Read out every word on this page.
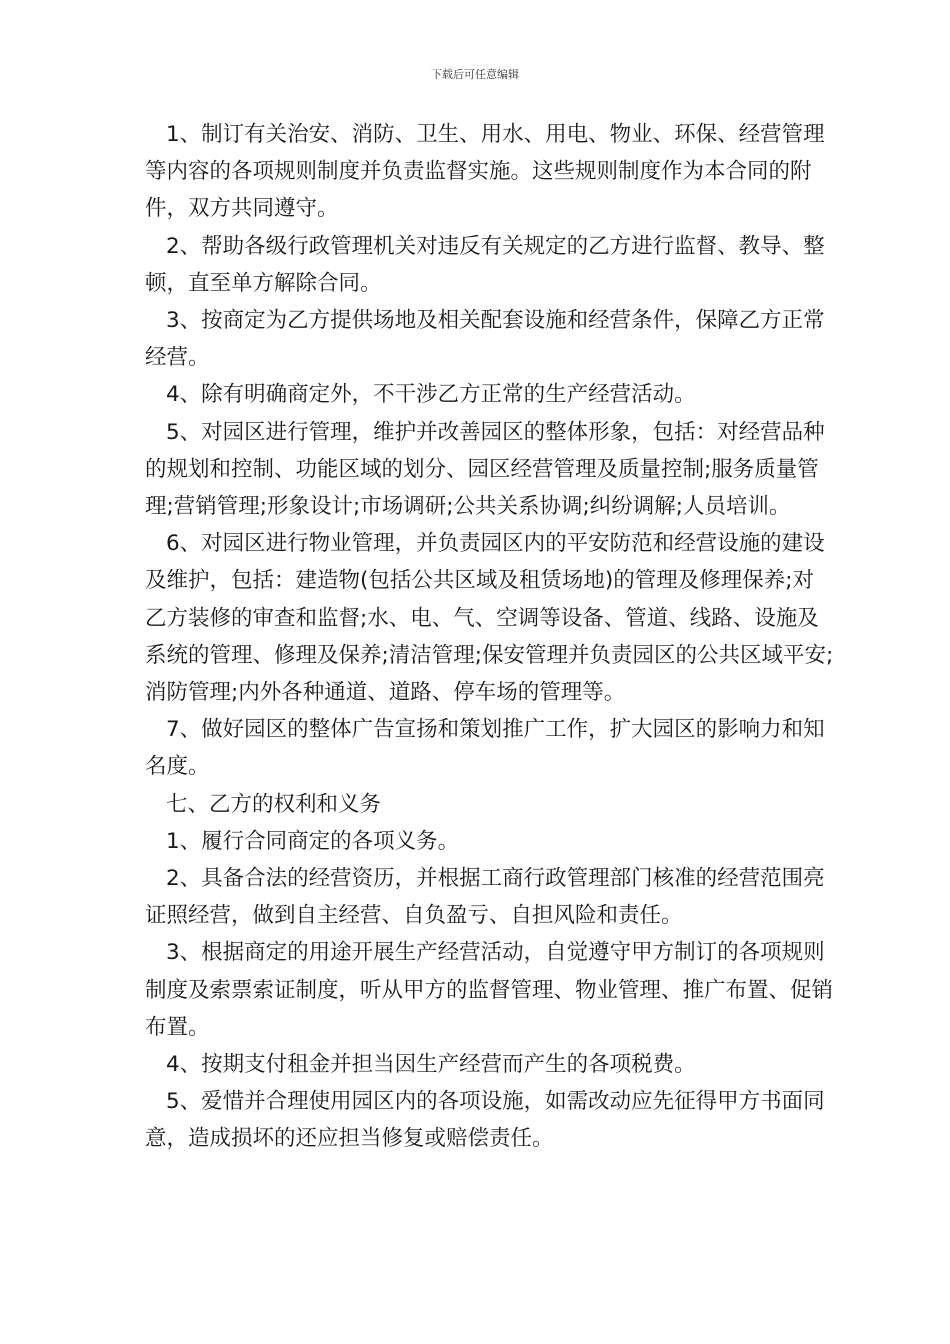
下载后可任意编辑

1、制订有关治安、消防、卫生、用水、用电、物业、环保、经营管理等内容的各项规则制度并负责监督实施。这些规则制度作为本合同的附件，双方共同遵守。

2、帮助各级行政管理机关对违反有关规定的乙方进行监督、教导、整顿，直至单方解除合同。

3、按商定为乙方提供场地及相关配套设施和经营条件，保障乙方正常经营。

4、除有明确商定外，不干涉乙方正常的生产经营活动。

5、对园区进行管理，维护并改善园区的整体形象，包括：对经营品种的规划和控制、功能区域的划分、园区经营管理及质量控制;服务质量管理;营销管理;形象设计;市场调研;公共关系协调;纠纷调解;人员培训。

6、对园区进行物业管理，并负责园区内的平安防范和经营设施的建设及维护，包括：建造物(包括公共区域及租赁场地)的管理及修理保养;对乙方装修的审查和监督;水、电、气、空调等设备、管道、线路、设施及系统的管理、修理及保养;清洁管理;保安管理并负责园区的公共区域平安;消防管理;内外各种通道、道路、停车场的管理等。

7、做好园区的整体广告宣扬和策划推广工作，扩大园区的影响力和知名度。

七、乙方的权利和义务

1、履行合同商定的各项义务。

2、具备合法的经营资历，并根据工商行政管理部门核准的经营范围亮证照经营，做到自主经营、自负盈亏、自担风险和责任。

3、根据商定的用途开展生产经营活动，自觉遵守甲方制订的各项规则制度及索票索证制度，听从甲方的监督管理、物业管理、推广布置、促销布置。

4、按期支付租金并担当因生产经营而产生的各项税费。

5、爱惜并合理使用园区内的各项设施，如需改动应先征得甲方书面同意，造成损坏的还应担当修复或赔偿责任。
